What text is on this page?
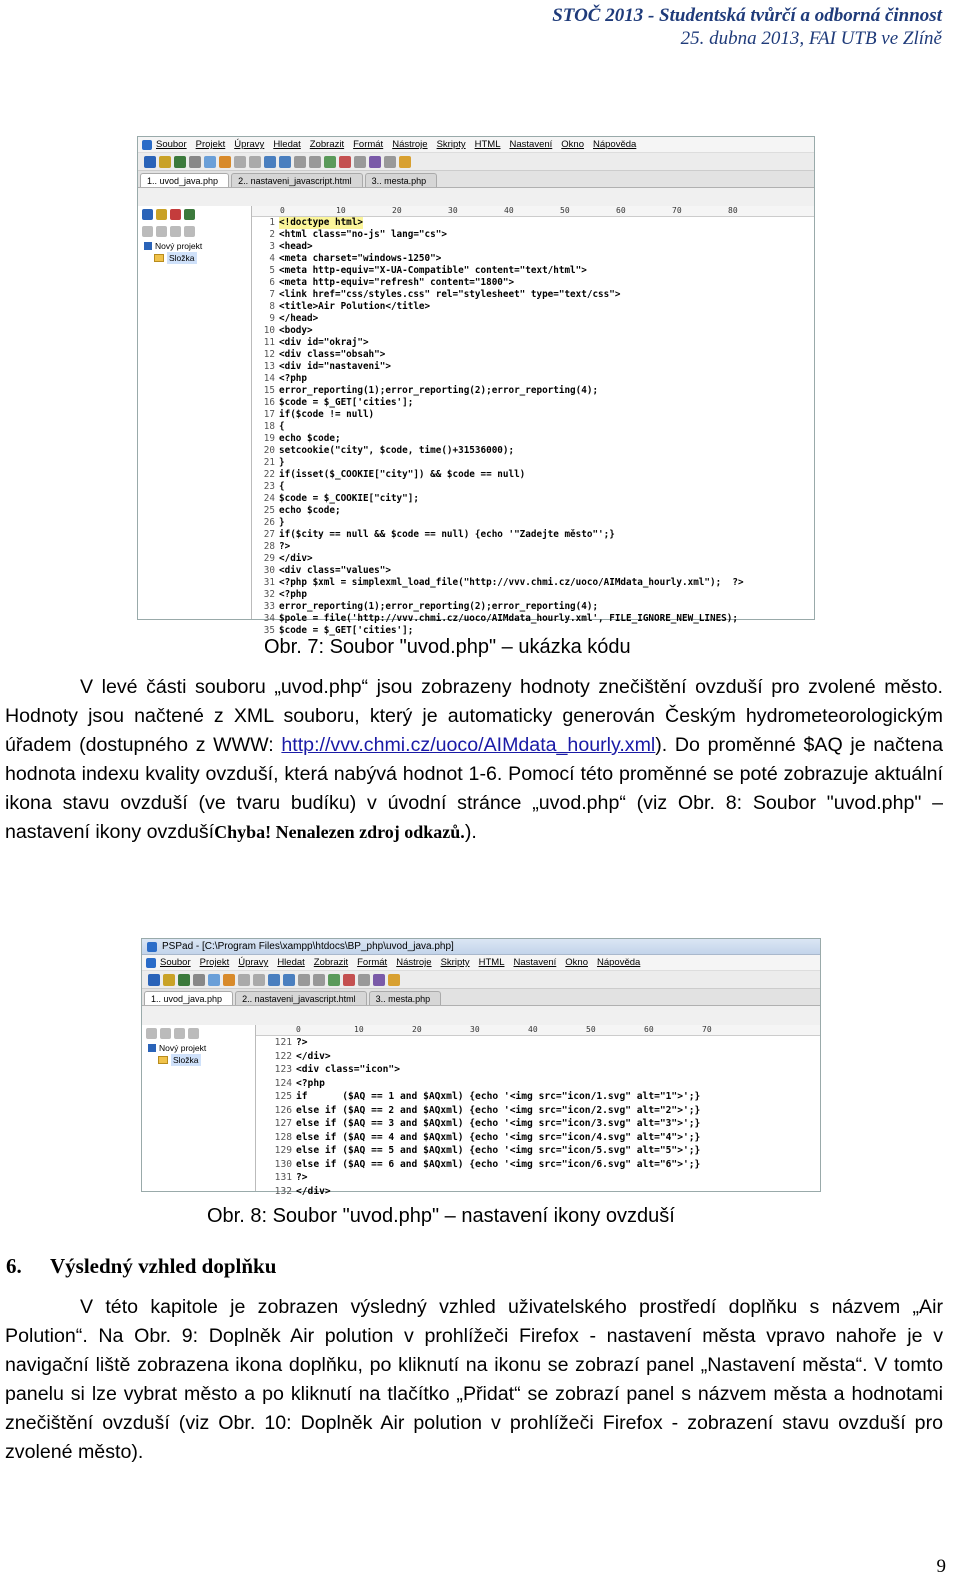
STOČ 2013 - Studentská tvůrčí a odborná činnost
25. dubna 2013, FAI UTB ve Zlíně
Soubor Projekt Úpravy Hledat Zobrazit Formát Nástroje Skripty HTML Nastavení Okno Nápověda
1.. uvod_java.php	2.. nastaveni_javascript.html	3.. mesta.php
Nový projekt
Složka
0	10	20	30	40	50	60	70	80
1 <!doctype html>
2 <html class="no-js" lang="cs">
3 <head>
4 <meta charset="windows-1250">
5 <meta http-equiv="X-UA-Compatible" content="text/html">
6 <meta http-equiv="refresh" content="1800">
7 <link href="css/styles.css" rel="stylesheet" type="text/css">
8 <title>Air Polution</title>
9 </head>
10 <body>
11 <div id="okraj">
12 <div class="obsah">
13 <div id="nastaveni">
14 <?php
15 error_reporting(1);error_reporting(2);error_reporting(4);
16 $code = $_GET['cities'];
17 if($code != null)
18 {
19 echo $code;
20 setcookie("city", $code, time()+31536000);
21 }
22 if(isset($_COOKIE["city"]) && $code == null)
23 {
24 $code = $_COOKIE["city"];
25 echo $code;
26 }
27 if($city == null && $code == null) {echo '"Zadejte město"';}
28 ?>
29 </div>
30 <div class="values">
31 <?php $xml = simplexml_load_file("http://vvv.chmi.cz/uoco/AIMdata_hourly.xml");  ?>
32 <?php
33 error_reporting(1);error_reporting(2);error_reporting(4);
34 $pole = file('http://vvv.chmi.cz/uoco/AIMdata_hourly.xml', FILE_IGNORE_NEW_LINES);
35 $code = $_GET['cities'];
Obr. 7: Soubor "uvod.php" – ukázka kódu
V levé části souboru „uvod.php“ jsou zobrazeny hodnoty znečištění ovzduší pro zvolené město. Hodnoty jsou načtené z XML souboru, který je automaticky generován Českým hydrometeorologickým úřadem (dostupného z WWW: http://vvv.chmi.cz/uoco/AIMdata_hourly.xml). Do proměnné $AQ je načtena hodnota indexu kvality ovzduší, která nabývá hodnot 1-6. Pomocí této proměnné se poté zobrazuje aktuální ikona stavu ovzduší (ve tvaru budíku) v úvodní stránce „uvod.php“ (viz Obr. 8: Soubor "uvod.php" – nastavení ikony ovzdušíChyba! Nenalezen zdroj odkazů.).
PSPad - [C:\Program Files\xampp\htdocs\BP_php\uvod_java.php]
Soubor Projekt Úpravy Hledat Zobrazit Formát Nástroje Skripty HTML Nastavení Okno Nápověda
1.. uvod_java.php	2.. nastaveni_javascript.html	3.. mesta.php
Nový projekt
Složka
0	10	20	30	40	50	60	70
121 ?>
122 </div>
123 <div class="icon">
124 <?php
125 if      ($AQ == 1 and $AQxml) {echo '<img src="icon/1.svg" alt="1">';}
126 else if ($AQ == 2 and $AQxml) {echo '<img src="icon/2.svg" alt="2">';}
127 else if ($AQ == 3 and $AQxml) {echo '<img src="icon/3.svg" alt="3">';}
128 else if ($AQ == 4 and $AQxml) {echo '<img src="icon/4.svg" alt="4">';}
129 else if ($AQ == 5 and $AQxml) {echo '<img src="icon/5.svg" alt="5">';}
130 else if ($AQ == 6 and $AQxml) {echo '<img src="icon/6.svg" alt="6">';}
131 ?>
132 </div>
Obr. 8: Soubor "uvod.php" – nastavení ikony ovzduší
6. Výsledný vzhled doplňku
V této kapitole je zobrazen výsledný vzhled uživatelského prostředí doplňku s názvem „Air Polution“. Na Obr. 9: Doplněk Air polution v prohlížeči Firefox - nastavení města vpravo nahoře je v navigační liště zobrazena ikona doplňku, po kliknutí na ikonu se zobrazí panel „Nastavení města“. V tomto panelu si lze vybrat město a po kliknutí na tlačítko „Přidat“ se zobrazí panel s názvem města a hodnotami znečištění ovzduší (viz Obr. 10: Doplněk Air polution v prohlížeči Firefox - zobrazení stavu ovzduší pro zvolené město).
9
